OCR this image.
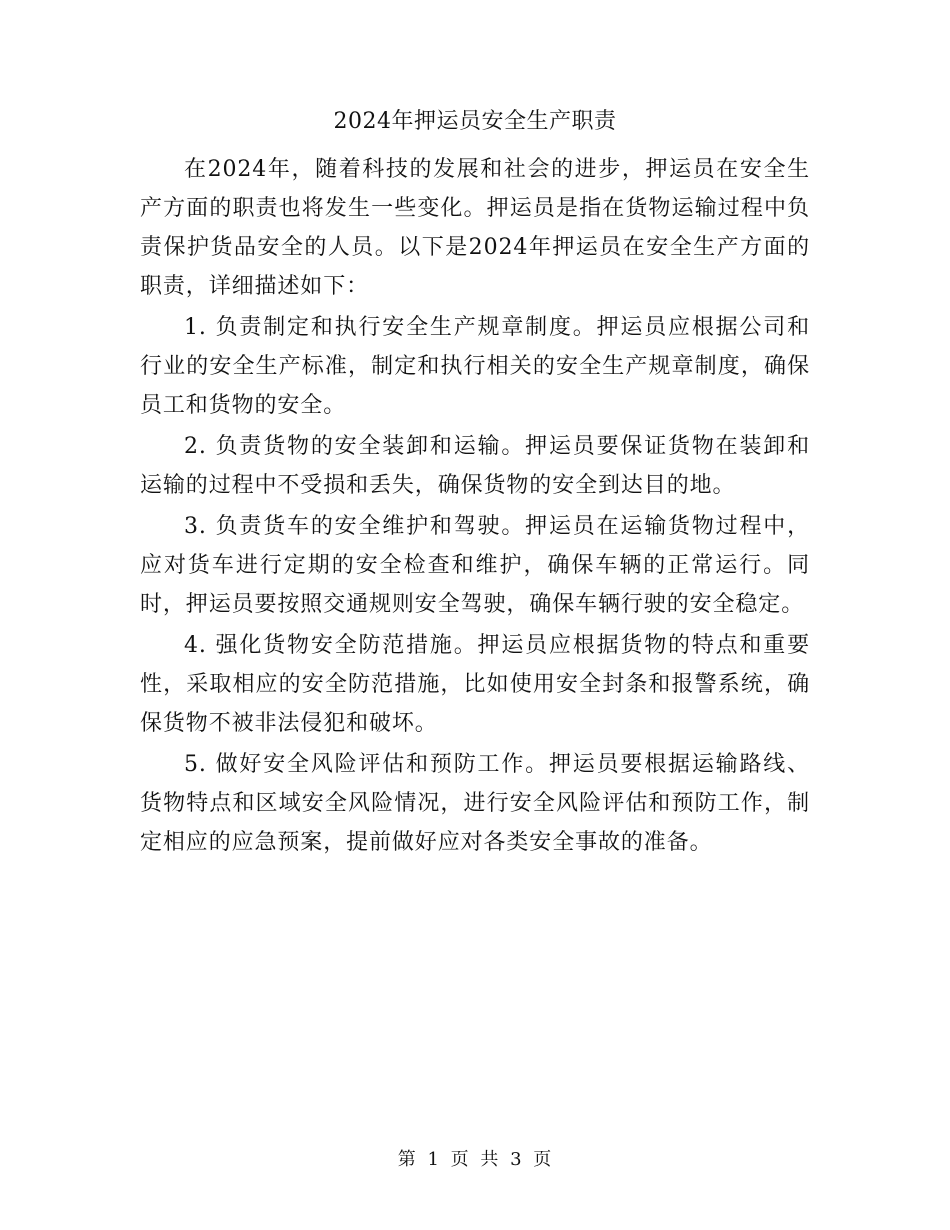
2024年押运员安全生产职责

在2024年，随着科技的发展和社会的进步，押运员在安全生产方面的职责也将发生一些变化。押运员是指在货物运输过程中负责保护货品安全的人员。以下是2024年押运员在安全生产方面的职责，详细描述如下：

1. 负责制定和执行安全生产规章制度。押运员应根据公司和行业的安全生产标准，制定和执行相关的安全生产规章制度，确保员工和货物的安全。

2. 负责货物的安全装卸和运输。押运员要保证货物在装卸和运输的过程中不受损和丢失，确保货物的安全到达目的地。

3. 负责货车的安全维护和驾驶。押运员在运输货物过程中，应对货车进行定期的安全检查和维护，确保车辆的正常运行。同时，押运员要按照交通规则安全驾驶，确保车辆行驶的安全稳定。

4. 强化货物安全防范措施。押运员应根据货物的特点和重要性，采取相应的安全防范措施，比如使用安全封条和报警系统，确保货物不被非法侵犯和破坏。

5. 做好安全风险评估和预防工作。押运员要根据运输路线、货物特点和区域安全风险情况，进行安全风险评估和预防工作，制定相应的应急预案，提前做好应对各类安全事故的准备。

第 1 页 共 3 页
